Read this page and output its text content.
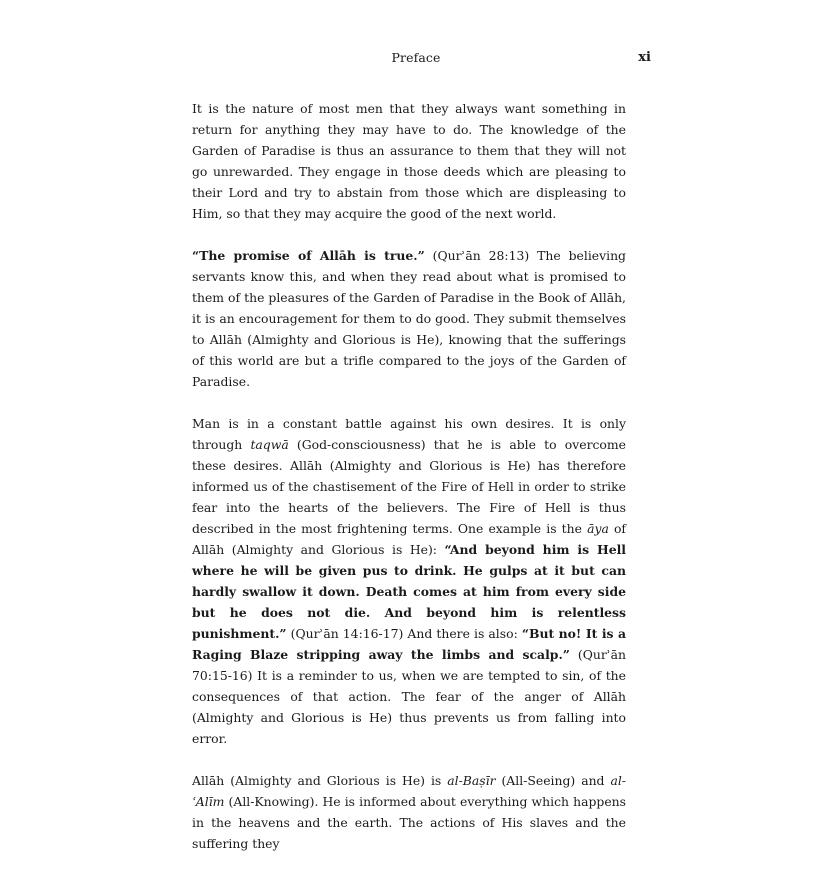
Preface	xi

It is the nature of most men that they always want something in return for anything they may have to do. The knowledge of the Garden of Paradise is thus an assurance to them that they will not go unrewarded. They engage in those deeds which are pleasing to their Lord and try to abstain from those which are displeasing to Him, so that they may acquire the good of the next world.

“The promise of Allāh is true.” (Qurʾān 28:13) The believing servants know this, and when they read about what is promised to them of the pleasures of the Garden of Paradise in the Book of Allāh, it is an encouragement for them to do good. They submit themselves to Allāh (Almighty and Glorious is He), knowing that the sufferings of this world are but a trifle compared to the joys of the Garden of Paradise.

Man is in a constant battle against his own desires. It is only through taqwā (God-consciousness) that he is able to overcome these desires. Allāh (Almighty and Glorious is He) has therefore informed us of the chastisement of the Fire of Hell in order to strike fear into the hearts of the believers. The Fire of Hell is thus described in the most frightening terms. One example is the āya of Allāh (Almighty and Glorious is He): “And beyond him is Hell where he will be given pus to drink. He gulps at it but can hardly swallow it down. Death comes at him from every side but he does not die. And beyond him is relentless punishment.” (Qurʾān 14:16-17) And there is also: “But no! It is a Raging Blaze stripping away the limbs and scalp.” (Qurʾān 70:15-16) It is a reminder to us, when we are tempted to sin, of the consequences of that action. The fear of the anger of Allāh (Almighty and Glorious is He) thus prevents us from falling into error.

Allāh (Almighty and Glorious is He) is al-Baṣīr (All-Seeing) and al-ʿAlīm (All-Knowing). He is informed about everything which happens in the heavens and the earth. The actions of His slaves and the suffering they
